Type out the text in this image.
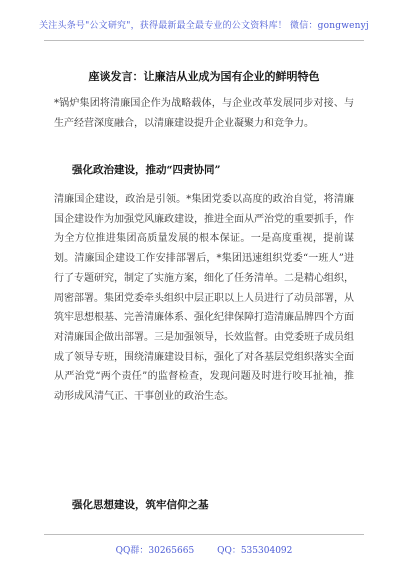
关注头条号"公文研究"，获得最新最全最专业的公文资料库！ 微信：gongwenyj
座谈发言：让廉洁从业成为国有企业的鲜明特色
*锅炉集团将清廉国企作为战略载体，与企业改革发展同步对接、与生产经营深度融合，以清廉建设提升企业凝聚力和竞争力。
强化政治建设，推动“四责协同”
清廉国企建设，政治是引领。*集团党委以高度的政治自觉，将清廉国企建设作为加强党风廉政建设，推进全面从严治党的重要抓手，作为全方位推进集团高质量发展的根本保证。一是高度重视，提前谋划。清廉国企建设工作安排部署后，*集团迅速组织党委“一班人”进行了专题研究，制定了实施方案，细化了任务清单。二是精心组织，周密部署。集团党委牵头组织中层正职以上人员进行了动员部署，从筑牢思想根基、完善清廉体系、强化纪律保障打造清廉品牌四个方面对清廉国企做出部署。三是加强领导，长效监督。由党委班子成员组成了领导专班，围绕清廉建设目标，强化了对各基层党组织落实全面从严治党“两个责任”的监督检查，发现问题及时进行咬耳扯袖，推动形成风清气正、干事创业的政治生态。
强化思想建设，筑牢信仰之基
QQ群：30265665	QQ：535304092
